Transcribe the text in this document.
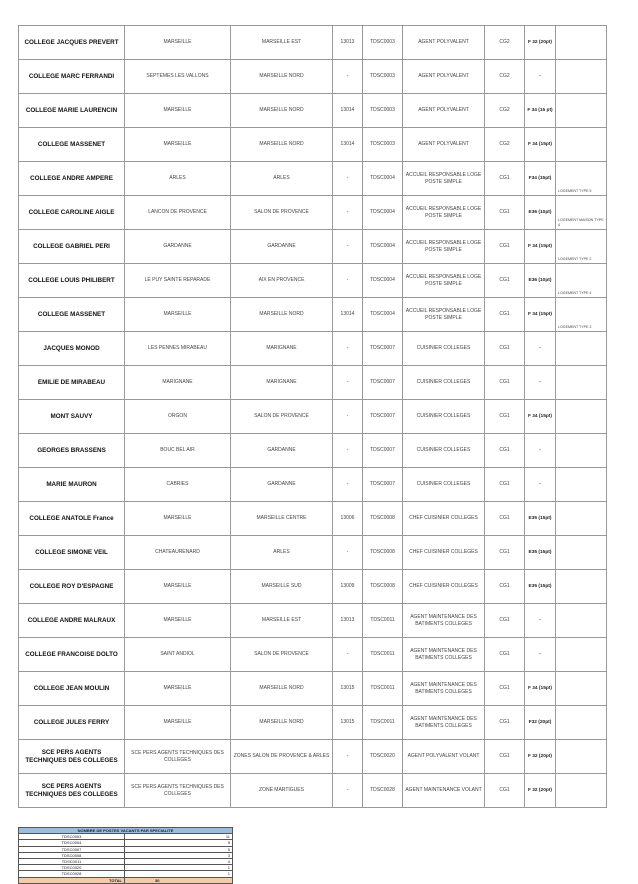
COLLEGE JACQUES PREVERT	MARSEILLE	MARSEILLE EST	13013	TDSC0003	AGENT POLYVALENT	CG2	F 32 (20pt)	
COLLEGE MARC FERRANDI	SEPTEMES LES VALLONS	MARSEILLE NORD	-	TDSC0003	AGENT POLYVALENT	CG2	-	
COLLEGE MARIE LAURENCIN	MARSEILLE	MARSEILLE NORD	13014	TDSC0003	AGENT POLYVALENT	CG2	F 34 (15 pt)	
COLLEGE MASSENET	MARSEILLE	MARSEILLE NORD	13014	TDSC0003	AGENT POLYVALENT	CG2	F 34 (15pt)	
COLLEGE ANDRE AMPERE	ARLES	ARLES	-	TDSC0004	ACCUEIL RESPONSABLE LOGE POSTE SIMPLE	CG1	F34 (15pt)	LOGEMENT TYPE 5
COLLEGE CAROLINE AIGLE	LANCON DE PROVENCE	SALON DE PROVENCE	-	TDSC0004	ACCUEIL RESPONSABLE LOGE POSTE SIMPLE	CG1	E36 (10pt)	LOGEMENT MAISON TYPE 4
COLLEGE GABRIEL PERI	GARDANNE	GARDANNE	-	TDSC0004	ACCUEIL RESPONSABLE LOGE POSTE SIMPLE	CG1	F 34 (15pt)	LOGEMENT TYPE 2
COLLEGE LOUIS PHILIBERT	LE PUY SAINTE REPARADE	AIX EN PROVENCE	-	TDSC0004	ACCUEIL RESPONSABLE LOGE POSTE SIMPLE	CG1	E36 (10pt)	LOGEMENT TYPE 4
COLLEGE MASSENET	MARSEILLE	MARSEILLE NORD	13014	TDSC0004	ACCUEIL RESPONSABLE LOGE POSTE SIMPLE	CG1	F 34 (15pt)	LOGEMENT TYPE 3
JACQUES MONOD	LES PENNES MIRABEAU	MARIGNANE	-	TDSC0007	CUISINIER COLLEGES	CG1	-	
EMILIE DE MIRABEAU	MARIGNANE	MARIGNANE	-	TDSC0007	CUISINIER COLLEGES	CG1	-	
MONT SAUVY	ORGON	SALON DE PROVENCE	-	TDSC0007	CUISINIER COLLEGES	CG1	F 34 (15pt)	
GEORGES BRASSENS	BOUC BEL AIR	GARDANNE	-	TDSC0007	CUISINIER COLLEGES	CG1	-	
MARIE MAURON	CABRIES	GARDANNE	-	TDSC0007	CUISINIER COLLEGES	CG1	-	
COLLEGE ANATOLE France	MARSEILLE	MARSEILLE CENTRE	13006	TDSC0008	CHEF CUISINIER COLLEGES	CG1	E35 (15pt)	
COLLEGE SIMONE VEIL	CHATEAURENARD	ARLES	-	TDSC0008	CHEF CUISINIER COLLEGES	CG1	E35 (15pt)	
COLLEGE ROY D'ESPAGNE	MARSEILLE	MARSEILLE SUD	13009	TDSC0008	CHEF CUISINIER COLLEGES	CG1	E35 (15pt)	
COLLEGE ANDRE MALRAUX	MARSEILLE	MARSEILLE EST	13013	TDSC0011	AGENT MAINTENANCE DES BATIMENTS COLLEGES	CG1	-	
COLLEGE FRANCOISE DOLTO	SAINT ANDIOL	SALON DE PROVENCE	-	TDSC0011	AGENT MAINTENANCE DES BATIMENTS COLLEGES	CG1	-	
COLLEGE JEAN MOULIN	MARSEILLE	MARSEILLE NORD	13015	TDSC0011	AGENT MAINTENANCE DES BATIMENTS COLLEGES	CG1	F 34 (15pt)	
COLLEGE JULES FERRY	MARSEILLE	MARSEILLE NORD	13015	TDSC0011	AGENT MAINTENANCE DES BATIMENTS COLLEGES	CG1	F32 (20pt)	
SCE PERS AGENTS TECHNIQUES DES COLLEGES	SCE PERS AGENTS TECHNIQUES DES COLLEGES	ZONES SALON DE PROVENCE & ARLES	-	TDSC0020	AGENT POLYVALENT VOLANT	CG1	F 32 (20pt)	
SCE PERS AGENTS TECHNIQUES DES COLLEGES	SCE PERS AGENTS TECHNIQUES DES COLLEGES	ZONE MARTIGUES	-	TDSC0028	AGENT MAINTENANCE VOLANT	CG1	F 32 (20pt)	
NOMBRE DE POSTES VACANTS PAR SPECIALITE	
TDSC0003	11
TDSC0004	5
TDSC0007	5
TDSC0008	3
TDSC0011	4
TDSC0020	1
TDSC0028	1
TOTAL	30
